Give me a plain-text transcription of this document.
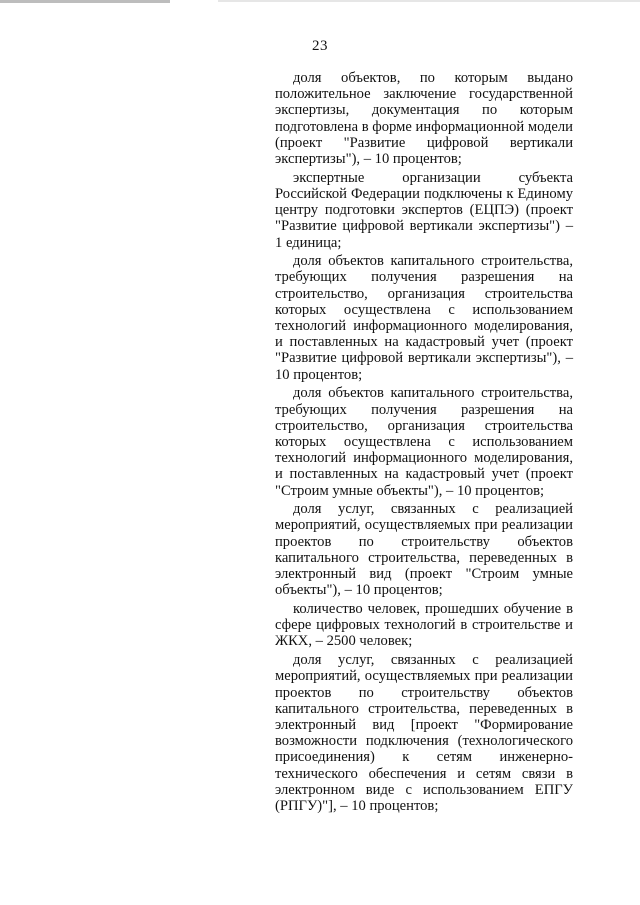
23

доля объектов, по которым выдано положительное заключение государственной экспертизы, документация по которым подготовлена в форме информационной модели (проект "Развитие цифровой вертикали экспертизы"), – 10 процентов;

экспертные организации субъекта Российской Федерации подключены к Единому центру подготовки экспертов (ЕЦПЭ) (проект "Развитие цифровой вертикали экспертизы") – 1 единица;

доля объектов капитального строительства, требующих получения разрешения на строительство, организация строительства которых осуществлена с использованием технологий информационного моделирования, и поставленных на кадастровый учет (проект "Развитие цифровой вертикали экспертизы"), – 10 процентов;

доля объектов капитального строительства, требующих получения разрешения на строительство, организация строительства которых осуществлена с использованием технологий информационного моделирования, и поставленных на кадастровый учет (проект "Строим умные объекты"), – 10 процентов;

доля услуг, связанных с реализацией мероприятий, осуществляемых при реализации проектов по строительству объектов капитального строительства, переведенных в электронный вид (проект "Строим умные объекты"), – 10 процентов;

количество человек, прошедших обучение в сфере цифровых технологий в строительстве и ЖКХ, – 2500 человек;

доля услуг, связанных с реализацией мероприятий, осуществляемых при реализации проектов по строительству объектов капитального строительства, переведенных в электронный вид [проект "Формирование возможности подключения (технологического присоединения) к сетям инженерно-технического обеспечения и сетям связи в электронном виде с использованием ЕПГУ (РПГУ)"], – 10 процентов;
